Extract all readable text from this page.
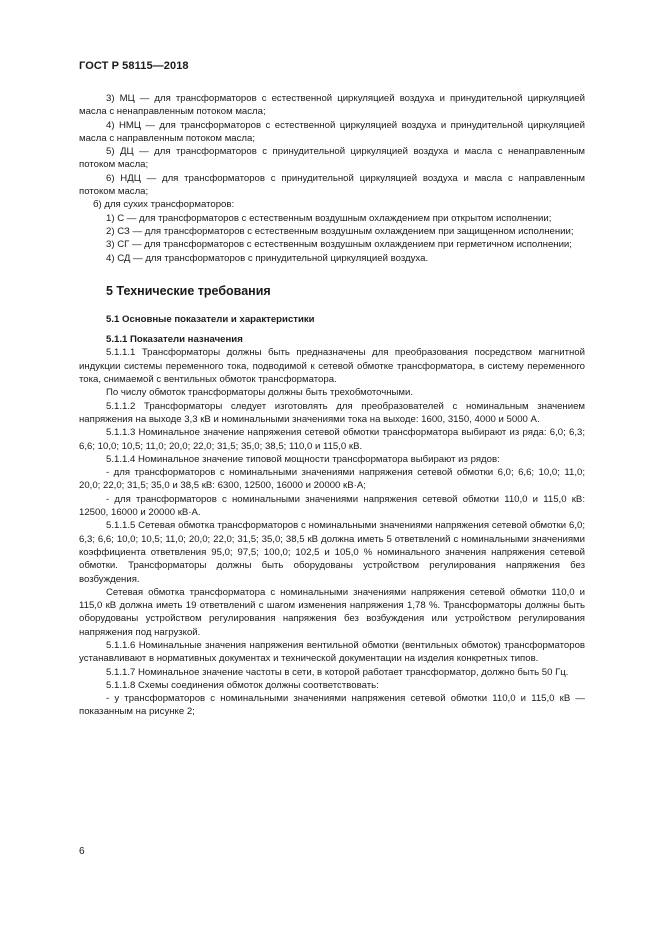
ГОСТ Р 58115—2018

3) МЦ — для трансформаторов с естественной циркуляцией воздуха и принудительной циркуляцией масла с ненаправленным потоком масла;

4) НМЦ — для трансформаторов с естественной циркуляцией воздуха и принудительной циркуляцией масла с направленным потоком масла;

5) ДЦ — для трансформаторов с принудительной циркуляцией воздуха и масла с ненаправленным потоком масла;

6) НДЦ — для трансформаторов с принудительной циркуляцией воздуха и масла с направленным потоком масла;

б) для сухих трансформаторов:

1) С — для трансформаторов с естественным воздушным охлаждением при открытом исполнении;

2) СЗ — для трансформаторов с естественным воздушным охлаждением при защищенном исполнении;

3) СГ — для трансформаторов с естественным воздушным охлаждением при герметичном исполнении;

4) СД — для трансформаторов с принудительной циркуляцией воздуха.

5 Технические требования
5.1 Основные показатели и характеристики
5.1.1 Показатели назначения

5.1.1.1 Трансформаторы должны быть предназначены для преобразования посредством магнитной индукции системы переменного тока, подводимой к сетевой обмотке трансформатора, в систему переменного тока, снимаемой с вентильных обмоток трансформатора.

По числу обмоток трансформаторы должны быть трехобмоточными.

5.1.1.2 Трансформаторы следует изготовлять для преобразователей с номинальным значением напряжения на выходе 3,3 кВ и номинальными значениями тока на выходе: 1600, 3150, 4000 и 5000 А.

5.1.1.3 Номинальное значение напряжения сетевой обмотки трансформатора выбирают из ряда: 6,0; 6,3; 6,6; 10,0; 10,5; 11,0; 20,0; 22,0; 31,5; 35,0; 38,5; 110,0 и 115,0 кВ.

5.1.1.4 Номинальное значение типовой мощности трансформатора выбирают из рядов:

- для трансформаторов с номинальными значениями напряжения сетевой обмотки 6,0; 6,6; 10,0; 11,0; 20,0; 22,0; 31,5; 35,0 и 38,5 кВ: 6300, 12500, 16000 и 20000 кВ·А;

- для трансформаторов с номинальными значениями напряжения сетевой обмотки 110,0 и 115,0 кВ: 12500, 16000 и 20000 кВ·А.

5.1.1.5 Сетевая обмотка трансформаторов с номинальными значениями напряжения сетевой обмотки 6,0; 6,3; 6,6; 10,0; 10,5; 11,0; 20,0; 22,0; 31,5; 35,0; 38,5 кВ должна иметь 5 ответвлений с номинальными значениями коэффициента ответвления 95,0; 97,5; 100,0; 102,5 и 105,0 % номинального значения напряжения сетевой обмотки. Трансформаторы должны быть оборудованы устройством регулирования напряжения без возбуждения.

Сетевая обмотка трансформатора с номинальными значениями напряжения сетевой обмотки 110,0 и 115,0 кВ должна иметь 19 ответвлений с шагом изменения напряжения 1,78 %. Трансформаторы должны быть оборудованы устройством регулирования напряжения без возбуждения или устройством регулирования напряжения под нагрузкой.

5.1.1.6 Номинальные значения напряжения вентильной обмотки (вентильных обмоток) трансформаторов устанавливают в нормативных документах и технической документации на изделия конкретных типов.

5.1.1.7 Номинальное значение частоты в сети, в которой работает трансформатор, должно быть 50 Гц.

5.1.1.8 Схемы соединения обмоток должны соответствовать:

- у трансформаторов с номинальными значениями напряжения сетевой обмотки 110,0 и 115,0 кВ — показанным на рисунке 2;

6
